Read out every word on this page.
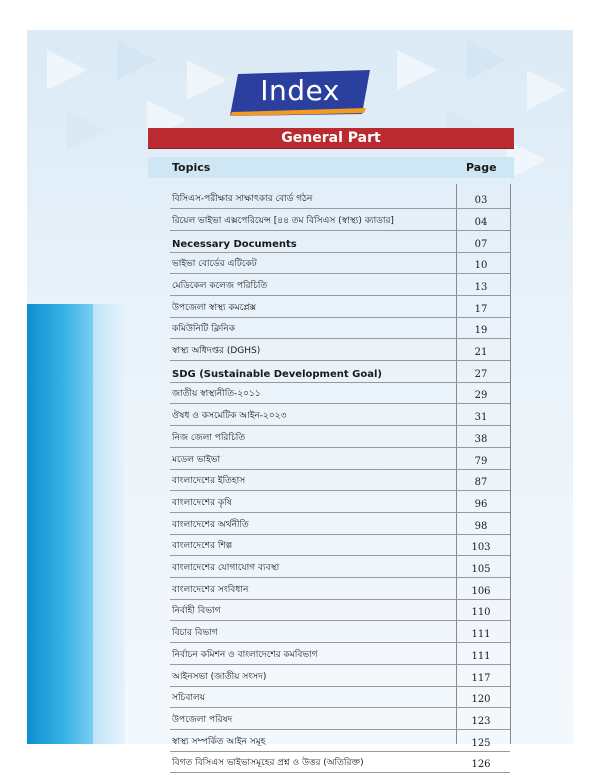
Index
General Part
Topics	Page
বিসিএস-পরীক্ষার সাক্ষাৎকার বোর্ড গঠন	03
রিয়েল ভাইভা এক্সপেরিয়েন্স [৪৪ তম বিসিএস (স্বাস্থ্য) ক্যাডার]	04
Necessary Documents	07
ভাইভা বোর্ডের এটিকেট	10
মেডিকেল কলেজ পরিচিতি	13
উপজেলা স্বাস্থ্য কমপ্লেক্স	17
কমিউনিটি ক্লিনিক	19
স্বাস্থ্য অধিদপ্তর (DGHS)	21
SDG (Sustainable Development Goal)	27
জাতীয় স্বাস্থ্যনীতি-২০১১	29
ঔষধ ও কসমেটিক আইন-২০২৩	31
নিজ জেলা পরিচিতি	38
মডেল ভাইভা	79
বাংলাদেশের ইতিহাস	87
বাংলাদেশের কৃষি	96
বাংলাদেশের অর্থনীতি	98
বাংলাদেশের শিল্প	103
বাংলাদেশের যোগাযোগ ব্যবস্থা	105
বাংলাদেশের সংবিধান	106
নির্বাহী বিভাগ	110
বিচার বিভাগ	111
নির্বাচন কমিশন ও বাংলাদেশের কমবিভাগ	111
আইনসভা (জাতীয় সংসদ)	117
সচিবালয়	120
উপজেলা পরিষদ	123
স্বাস্থ্য সম্পর্কিত আইন সমূহ	125
বিগত বিসিএস ভাইভাসমূহের প্রশ্ন ও উত্তর (অতিরিক্ত)	126
